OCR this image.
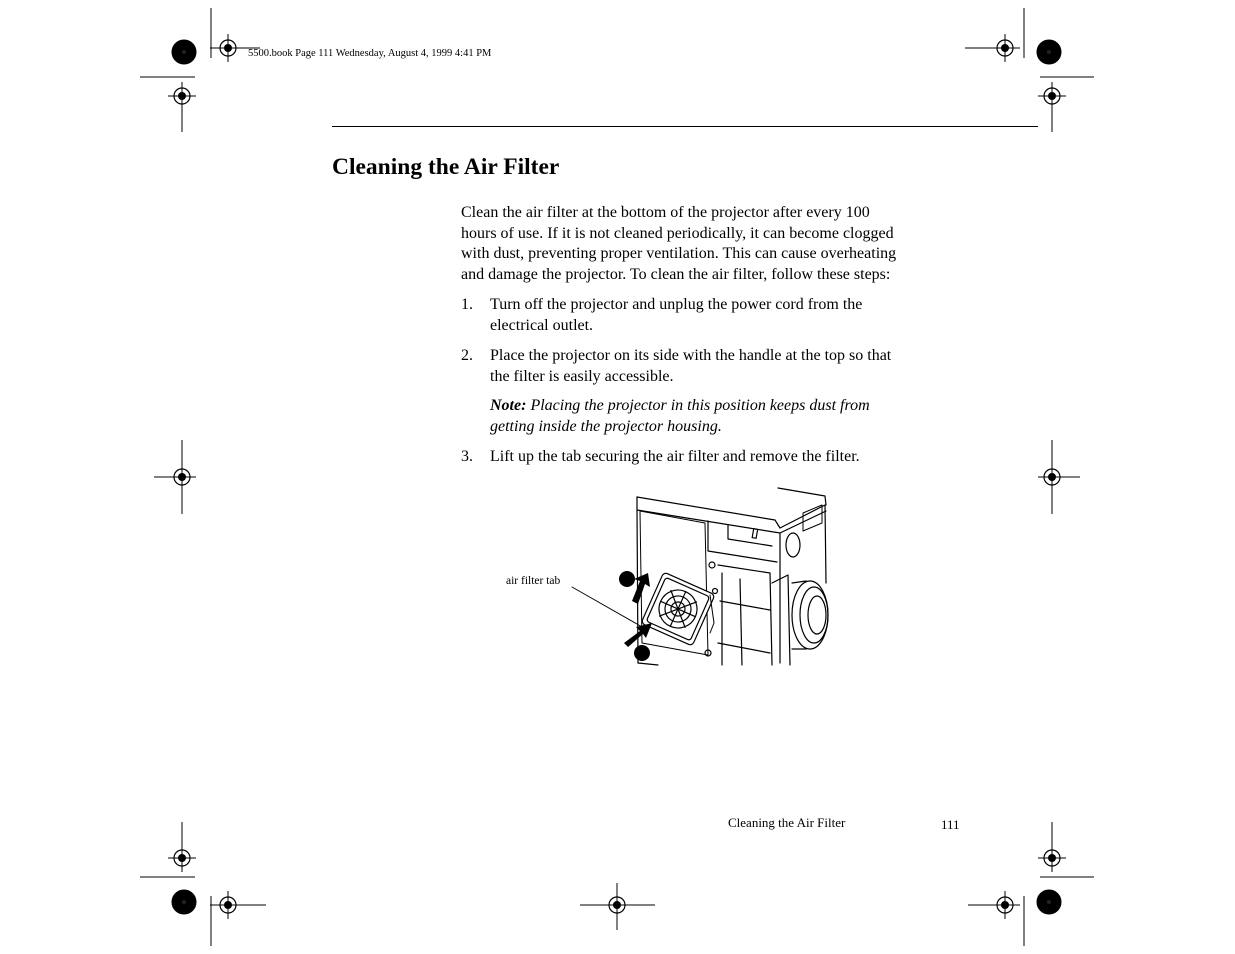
5500.book Page 111 Wednesday, August 4, 1999 4:41 PM
Cleaning the Air Filter

Clean the air filter at the bottom of the projector after every 100
hours of use. If it is not cleaned periodically, it can become clogged
with dust, preventing proper ventilation. This can cause overheating
and damage the projector. To clean the air filter, follow these steps:

1. Turn off the projector and unplug the power cord from the
electrical outlet.
2. Place the projector on its side with the handle at the top so that
the filter is easily accessible.

Note: Placing the projector in this position keeps dust from
getting inside the projector housing.

3. Lift up the tab securing the air filter and remove the filter.
air filter tab
Cleaning the Air Filter	111
